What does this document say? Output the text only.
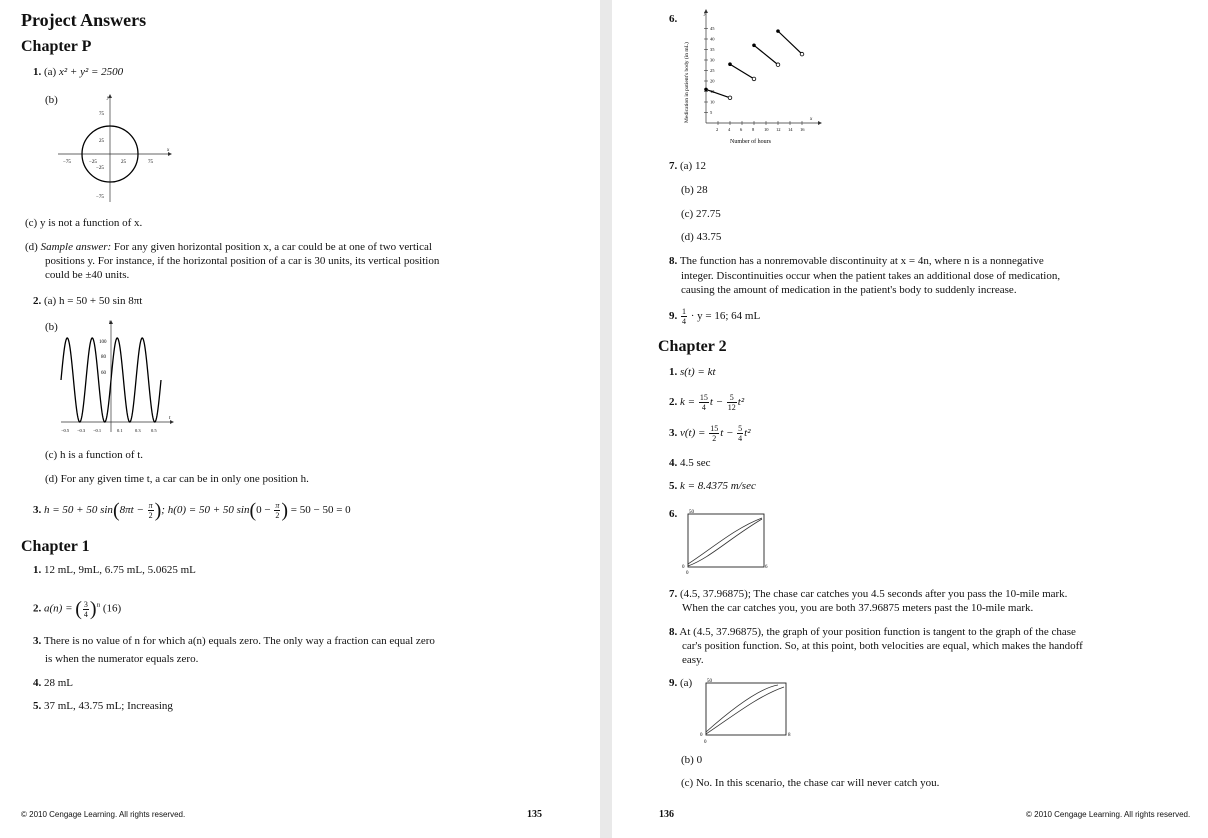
Project Answers
Chapter P
1. (a) x² + y² = 2500
(b)
x
y
−75	−25	25	75
75
25
−25
−75
(c) y is not a function of x.
(d) Sample answer: For any given horizontal position x, a car could be at one of two vertical
positions y. For instance, if the horizontal position of a car is 30 units, its vertical position
could be ±40 units.
2. (a) h = 50 + 50 sin 8πt
(b)
t
h
100
80
60
−0.5 −0.3 −0.1	0.1	0.3 0.5
(c) h is a function of t.
(d) For any given time t, a car can be in only one position h.
3. h = 50 + 50 $\sin(8\pi t - \frac{\pi}{2}$ ); h(0) = 50 + 50 $\sin(0 - \frac{\pi}{2}$ ) = 50 − 50 = 0
Chapter 1
1. 12 mL, 9mL, 6.75 mL, 5.0625 mL
2. a(n) = ( $\frac{3}{4} )^n$ (16)
3. There is no value of n for which a(n) equals zero. The only way a fraction can equal zero
is when the numerator equals zero.
4. 28 mL
5. 37 mL, 43.75 mL; Increasing
© 2010 Cengage Learning. All rights reserved.	135
6.
Medication in patient's body (in mL)	x
y
45
40
35
30
25
20
10
5
2 4 6 8 10 12 14 16
Number of hours
7. (a) 12
(b) 28
(c) 27.75
(d) 43.75
8. The function has a nonremovable discontinuity at x = 4n, where n is a nonnegative
integer. Discontinuities occur when the patient takes an additional dose of medication,
causing the amount of medication in the patient's body to suddenly increase.
9. $\frac{1}{4} \cdot y = 16$; 64 mL
Chapter 2
1. s(t) = kt
2. $k = \frac{15}{4}$ $t - \frac{5}{12} t^2$
3. $v(t) = \frac{15}{2}$ $t - \frac{5}{4} t^2$
4. 4.5 sec
5. k = 8.4375 m/sec
6. 50
0	6
0
7. (4.5, 37.96875); The chase car catches you 4.5 seconds after you pass the 10-mile mark.
When the car catches you, you are both 37.96875 meters past the 10-mile mark.
8. At (4.5, 37.96875), the graph of your position function is tangent to the graph of the chase
car's position function. So, at this point, both velocities are equal, which makes the handoff
easy.
9. (a)	50
0	8
0
(b) 0
(c) No. In this scenario, the chase car will never catch you.
136	© 2010 Cengage Learning. All rights reserved.
